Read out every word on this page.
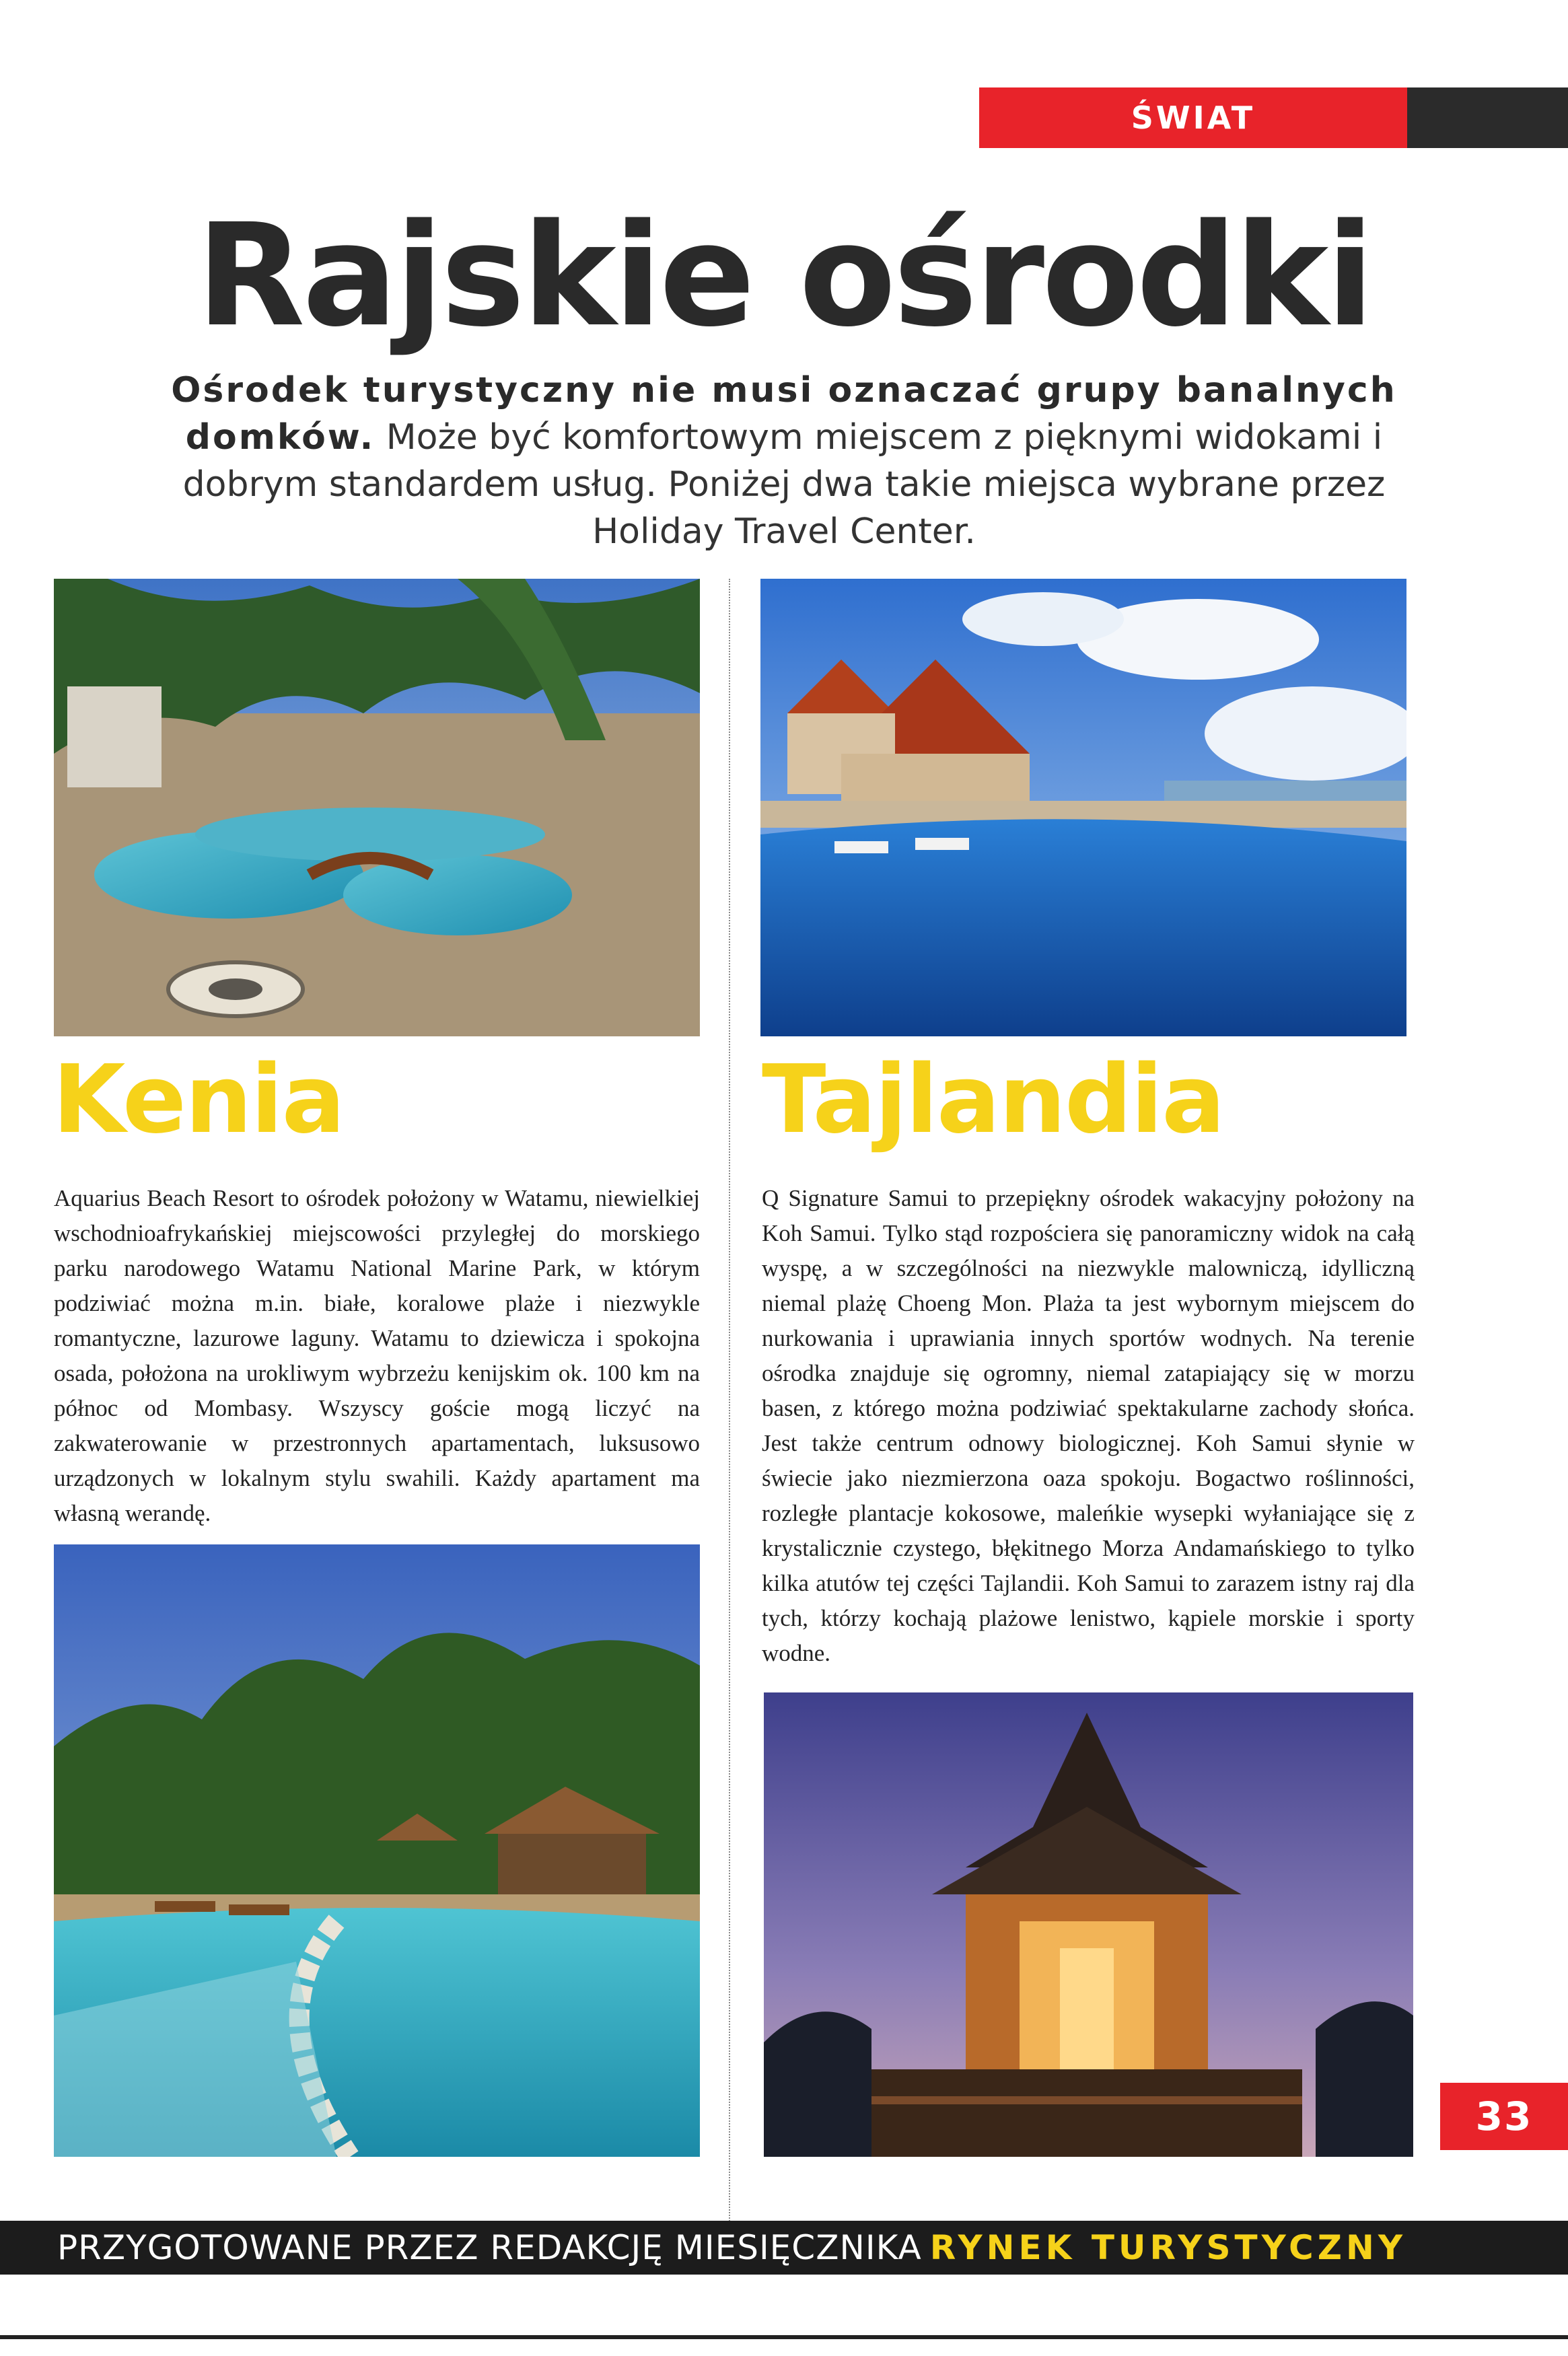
ŚWIAT
Rajskie ośrodki

Ośrodek turystyczny nie musi oznaczać grupy banalnych domków. Może być komfortowym miejscem z pięknymi widokami i dobrym standardem usług. Poniżej dwa takie miejsca wybrane przez Holiday Travel Center.

Kenia	Tajlandia

Aquarius Beach Resort to ośrodek położony w Watamu, niewielkiej wschodnioafrykańskiej miejscowości przyległej do morskiego parku narodowego Watamu National Marine Park, w którym podziwiać można m.in. białe, koralowe plaże i niezwykle romantyczne, lazurowe laguny. Watamu to dziewicza i spokojna osada, położona na urokliwym wybrzeżu kenijskim ok. 100 km na północ od Mombasy. Wszyscy goście mogą liczyć na zakwaterowanie w przestronnych apartamentach, luksusowo urządzonych w lokalnym stylu swahili. Każdy apartament ma własną werandę.

Q Signature Samui to przepiękny ośrodek wakacyjny położony na Koh Samui. Tylko stąd rozpościera się panoramiczny widok na całą wyspę, a w szczególności na niezwykle malowniczą, idylliczną niemal plażę Choeng Mon. Plaża ta jest wybornym miejscem do nurkowania i uprawiania innych sportów wodnych. Na terenie ośrodka znajduje się ogromny, niemal zatapiający się w morzu basen, z którego można podziwiać spektakularne zachody słońca. Jest także centrum odnowy biologicznej. Koh Samui słynie w świecie jako niezmierzona oaza spokoju. Bogactwo roślinności, rozległe plantacje kokosowe, maleńkie wysepki wyłaniające się z krystalicznie czystego, błękitnego Morza Andamańskiego to tylko kilka atutów tej części Tajlandii. Koh Samui to zarazem istny raj dla tych, którzy kochają plażowe lenistwo, kąpiele morskie i sporty wodne.

33
PRZYGOTOWANE PRZEZ REDAKCJĘ MIESIĘCZNIKA RYNEK TURYSTYCZNY
